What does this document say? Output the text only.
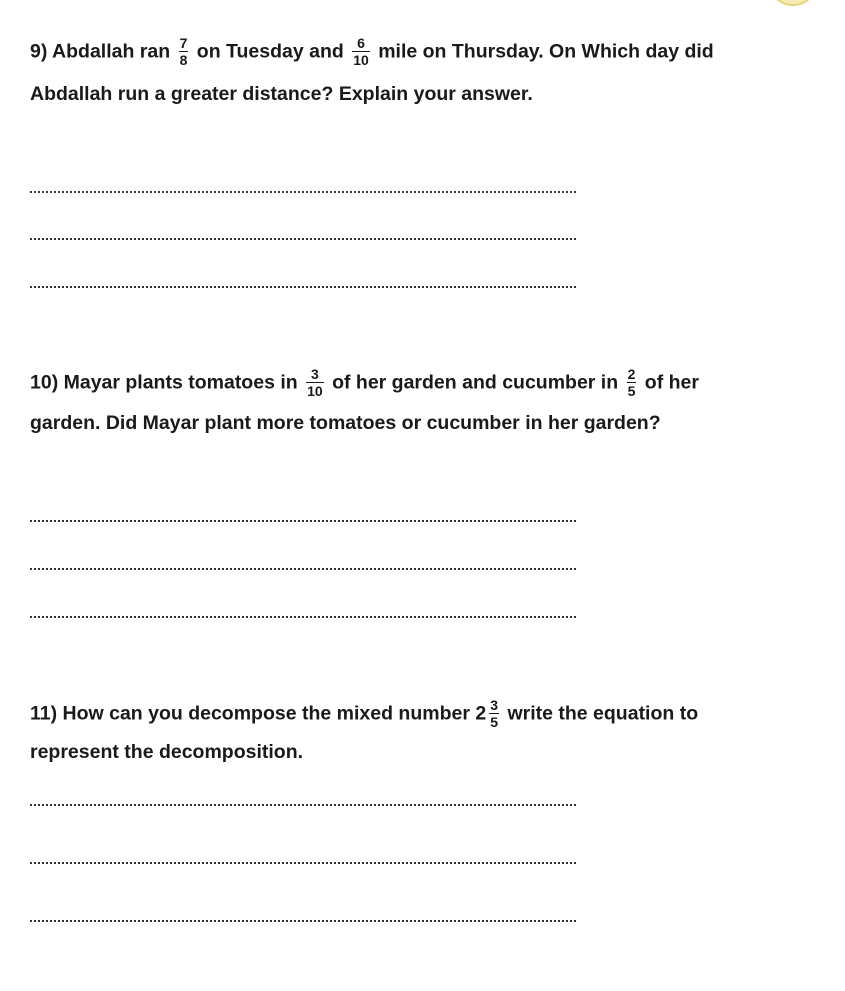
9) Abdallah ran $\frac{7}{8}$ on Tuesday and $\frac{6}{10}$ mile on Thursday. On Which day did
Abdallah run a greater distance? Explain your answer.
10) Mayar plants tomatoes in $\frac{3}{10}$ of her garden and cucumber in $\frac{2}{5}$ of her
garden. Did Mayar plant more tomatoes or cucumber in her garden?
11) How can you decompose the mixed number $2 \frac{3}{5}$ write the equation to
represent the decomposition.
